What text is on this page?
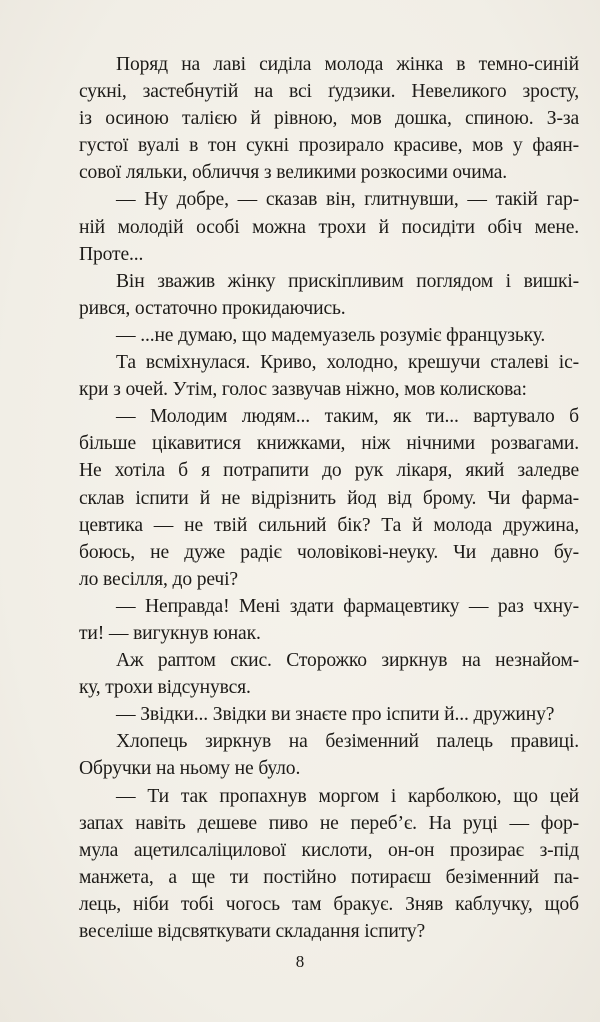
Поряд на лаві сиділа молода жінка в темно-синій
сукні, застебнутій на всі ґудзики. Невеликого зросту,
із осиною талією й рівною, мов дошка, спиною. З-за
густої вуалі в тон сукні прозирало красиве, мов у фаян-
сової ляльки, обличчя з великими розкосими очима.
— Ну добре, — сказав він, глитнувши, — такій гар-
ній молодій особі можна трохи й посидіти обіч мене.
Проте...
Він зважив жінку прискіпливим поглядом і вишкі-
рився, остаточно прокидаючись.
— ...не думаю, що мадемуазель розуміє французьку.
Та всміхнулася. Криво, холодно, крешучи сталеві іс-
кри з очей. Утім, голос зазвучав ніжно, мов колискова:
— Молодим людям... таким, як ти... вартувало б
більше цікавитися книжками, ніж нічними розвагами.
Не хотіла б я потрапити до рук лікаря, який заледве
склав іспити й не відрізнить йод від брому. Чи фарма-
цевтика — не твій сильний бік? Та й молода дружина,
боюсь, не дуже радіє чоловікові-неуку. Чи давно бу-
ло весілля, до речі?
— Неправда! Мені здати фармацевтику — раз чхну-
ти! — вигукнув юнак.
Аж раптом скис. Сторожко зиркнув на незнайом-
ку, трохи відсунувся.
— Звідки... Звідки ви знаєте про іспити й... дружину?
Хлопець зиркнув на безіменний палець правиці.
Обручки на ньому не було.
— Ти так пропахнув моргом і карболкою, що цей
запах навіть дешеве пиво не переб’є. На руці — фор-
мула ацетилсаліцилової кислоти, он-он прозирає з-під
манжета, а ще ти постійно потираєш безіменний па-
лець, ніби тобі чогось там бракує. Зняв каблучку, щоб
веселіше відсвяткувати складання іспиту?
8
